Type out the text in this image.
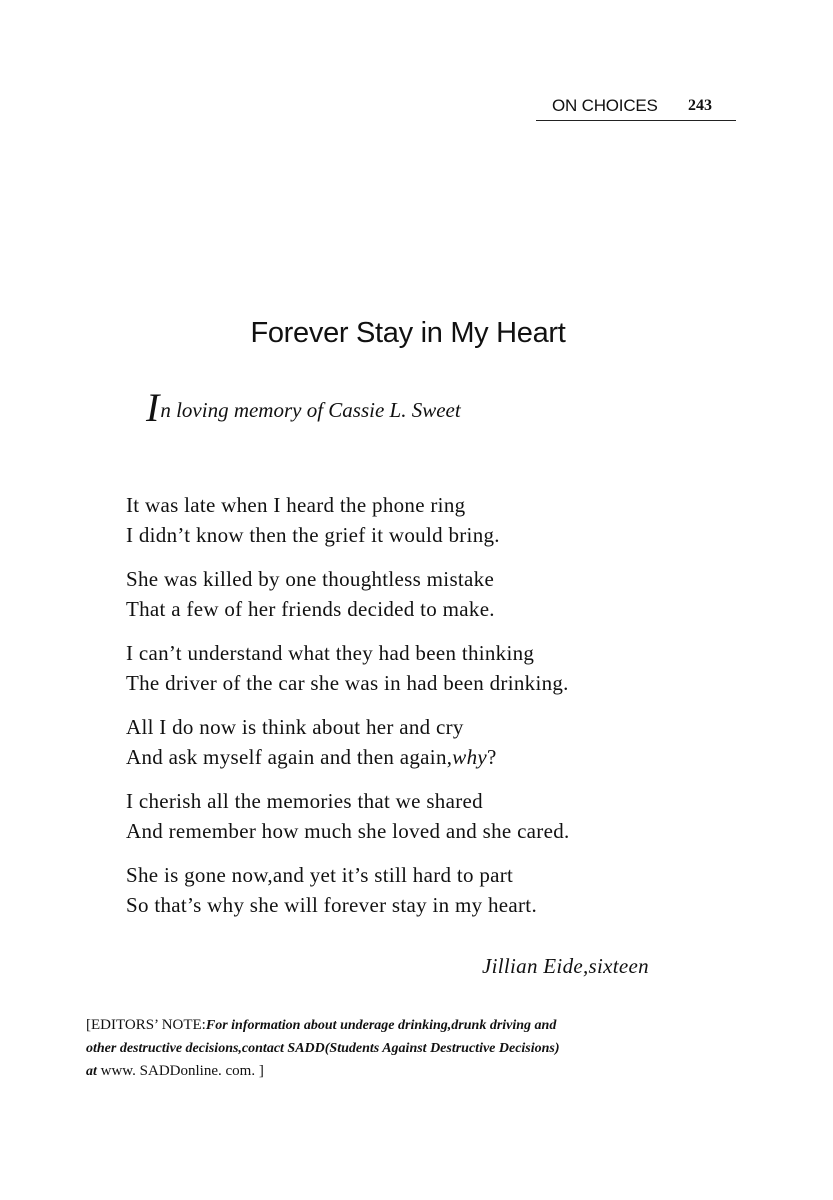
ON CHOICES 243
Forever Stay in My Heart
In loving memory of Cassie L. Sweet
It was late when I heard the phone ring
I didn’t know then the grief it would bring.
She was killed by one thoughtless mistake
That a few of her friends decided to make.
I can’t understand what they had been thinking
The driver of the car she was in had been drinking.
All I do now is think about her and cry
And ask myself again and then again,why?
I cherish all the memories that we shared
And remember how much she loved and she cared.
She is gone now,and yet it’s still hard to part
So that’s why she will forever stay in my heart.
Jillian Eide,sixteen
[EDITORS’ NOTE:For information about underage drinking,drunk driving and
other destructive decisions,contact SADD(Students Against Destructive Decisions)
at www. SADDonline. com. ]
